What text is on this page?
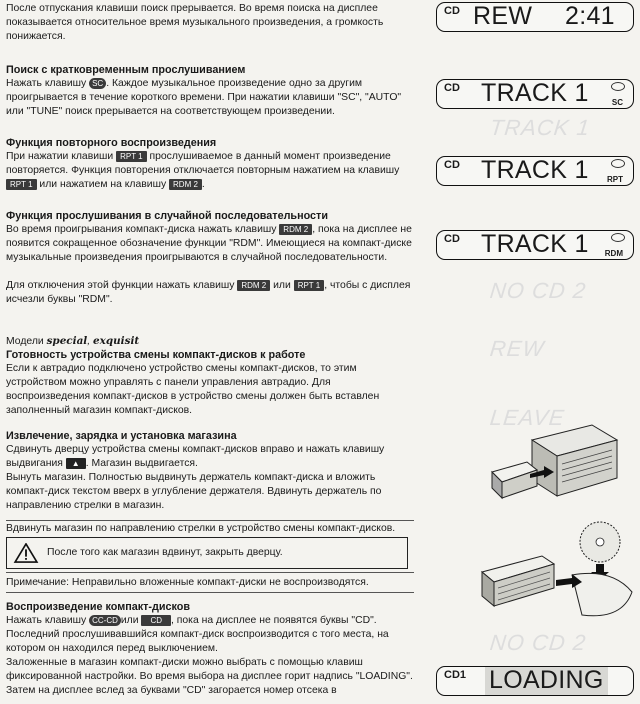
После отпускания клавиши поиск прерывается. Во время поиска на дисплее показывается относительное время музыкального произведения, а громкость понижается.

Поиск с кратковременным прослушиванием

Нажать клавишу SC . Каждое музыкальное произведение одно за другим проигрывается в течение короткого времени. При нажатии клавиши "SC", "AUTO" или "TUNE" поиск прерывается на соответствующем произведении.

Функция повторного воспроизведения

При нажатии клавиши RPT 1 прослушиваемое в данный момент произведение повторяется. Функция повторения отключается повторным нажатием на клавишу RPT 1 или нажатием на клавишу RDM 2 .

Функция прослушивания в случайной последовательности

Во время проигрывания компакт-диска нажать клавишу RDM 2 , пока на дисплее не появится сокращенное обозначение функции "RDM". Имеющиеся на компакт-диске музыкальные произведения проигрываются в случайной последовательности.

Для отключения этой функции нажать клавишу RDM 2 или RPT 1 , чтобы с дисплея исчезли буквы "RDM".

Модели special, exquisit

Готовность устройства смены компакт-дисков к работе

Если к автрадио подключено устройство смены компакт-дисков, то этим устройством можно управлять с панели управления автрадио. Для воспроизведения компакт-дисков в устройство смены должен быть вставлен заполненный магазин компакт-дисков.

Извлечение, зарядка и установка магазина

Сдвинуть дверцу устройства смены компакт-дисков вправо и нажать клавишу выдвигания ▲ . Магазин выдвигается.

Вынуть магазин. Полностью выдвинуть держатель компакт-диска и вложить компакт-диск текстом вверх в углубление держателя. Вдвинуть держатель по направлению стрелки в магазин.

Вдвинуть магазин по направлению стрелки в устройство смены компакт-дисков.

После того как магазин вдвинут, закрыть дверцу.

Примечание: Неправильно вложенные компакт-диски не воспроизводятся.

Воспроизведение компакт-дисков

Нажать клавишу CC-CD или CD , пока на дисплее не появятся буквы "CD". Последний прослушивавшийся компакт-диск воспроизводится с того места, на котором он находился перед выключением.

Заложенные в магазин компакт-диски можно выбрать с помощью клавиш фиксированной настройки. Во время выбора на дисплее горит надпись "LOADING". Затем на дисплее вслед за буквами "CD" загорается номер отсека в

TRACK 1
NO CD 2
REW
LEAVE
NO CD 2
CD REW 2:41
CD TRACK 1	SC
CD TRACK 1 RPT
CD TRACK 1 RDM
CD1 LOADING
